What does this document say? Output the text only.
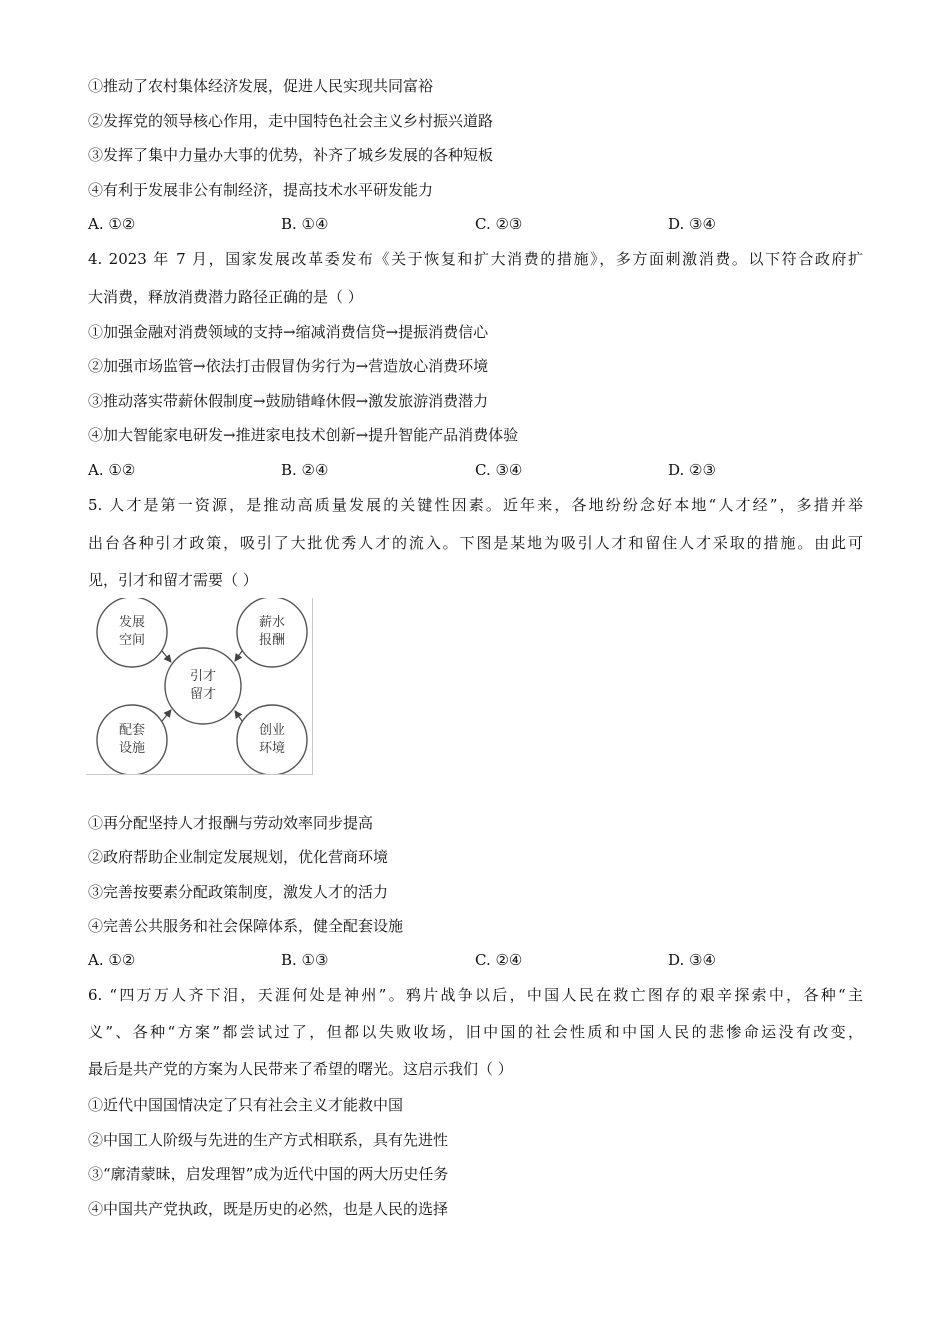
①推动了农村集体经济发展，促进人民实现共同富裕
②发挥党的领导核心作用，走中国特色社会主义乡村振兴道路
③发挥了集中力量办大事的优势，补齐了城乡发展的各种短板
④有利于发展非公有制经济，提高技术水平研发能力
A. ①②	B. ①④	C. ②③	D. ③④
4. 2023 年 7 月，国家发展改革委发布《关于恢复和扩大消费的措施》，多方面刺激消费。以下符合政府扩
大消费，释放消费潜力路径正确的是（ ）
①加强金融对消费领域的支持→缩减消费信贷→提振消费信心
②加强市场监管→依法打击假冒伪劣行为→营造放心消费环境
③推动落实带薪休假制度→鼓励错峰休假→激发旅游消费潜力
④加大智能家电研发→推进家电技术创新→提升智能产品消费体验
A. ①②	B. ②④	C. ③④	D. ②③
5. 人才是第一资源，是推动高质量发展的关键性因素。近年来，各地纷纷念好本地“人才经”，多措并举
出台各种引才政策，吸引了大批优秀人才的流入。下图是某地为吸引人才和留住人才采取的措施。由此可
见，引才和留才需要（ ）
发展
空间
薪水
报酬
引才
留才
配套
设施
创业
环境
①再分配坚持人才报酬与劳动效率同步提高
②政府帮助企业制定发展规划，优化营商环境
③完善按要素分配政策制度，激发人才的活力
④完善公共服务和社会保障体系，健全配套设施
A. ①②	B. ①③	C. ②④	D. ③④
6. “四万万人齐下泪，天涯何处是神州”。鸦片战争以后，中国人民在救亡图存的艰辛探索中，各种“主
义”、各种“方案”都尝试过了，但都以失败收场，旧中国的社会性质和中国人民的悲惨命运没有改变，
最后是共产党的方案为人民带来了希望的曙光。这启示我们（ ）
①近代中国国情决定了只有社会主义才能救中国
②中国工人阶级与先进的生产方式相联系，具有先进性
③“廓清蒙昧，启发理智”成为近代中国的两大历史任务
④中国共产党执政，既是历史的必然，也是人民的选择
